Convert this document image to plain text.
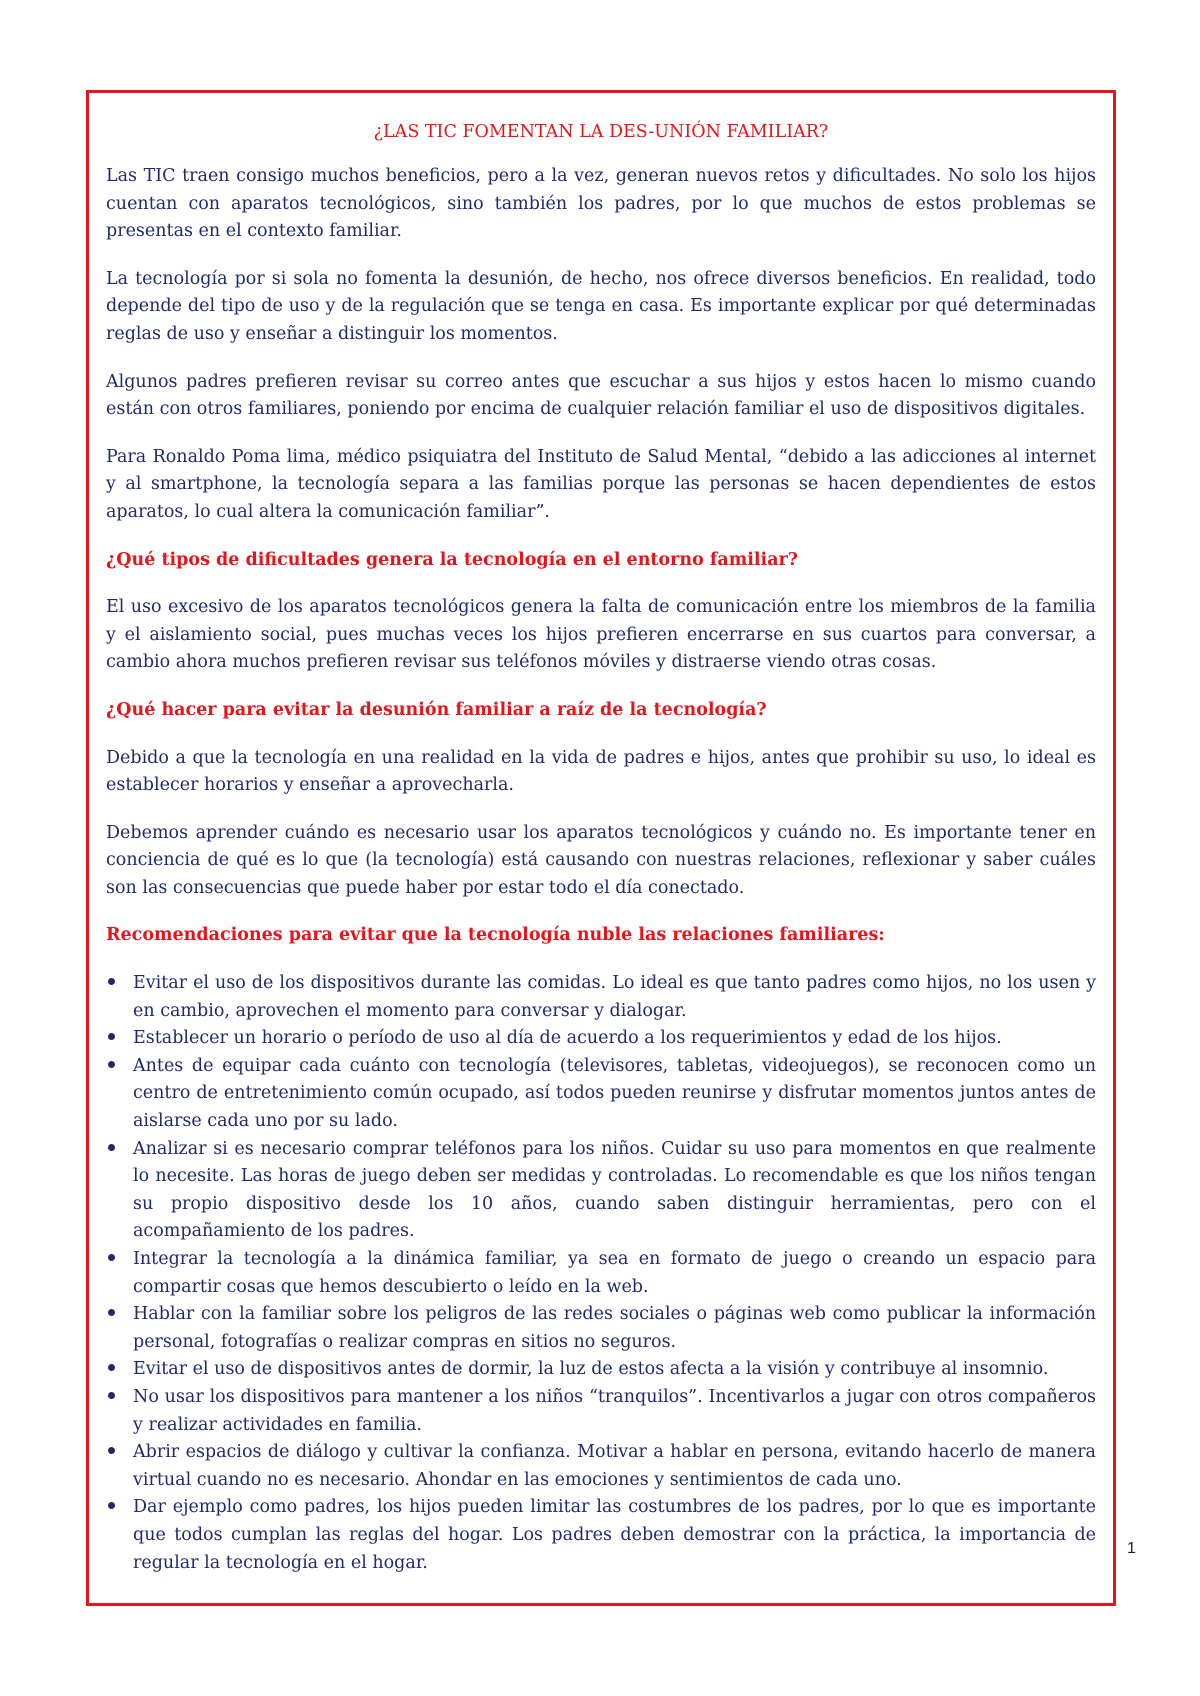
¿LAS TIC FOMENTAN LA DES-UNIÓN FAMILIAR?

Las TIC traen consigo muchos beneficios, pero a la vez, generan nuevos retos y dificultades. No solo los hijos cuentan con aparatos tecnológicos, sino también los padres, por lo que muchos de estos problemas se presentas en el contexto familiar.

La tecnología por si sola no fomenta la desunión, de hecho, nos ofrece diversos beneficios. En realidad, todo depende del tipo de uso y de la regulación que se tenga en casa. Es importante explicar por qué determinadas reglas de uso y enseñar a distinguir los momentos.

Algunos padres prefieren revisar su correo antes que escuchar a sus hijos y estos hacen lo mismo cuando están con otros familiares, poniendo por encima de cualquier relación familiar el uso de dispositivos digitales.

Para Ronaldo Poma lima, médico psiquiatra del Instituto de Salud Mental, “debido a las adicciones al internet y al smartphone, la tecnología separa a las familias porque las personas se hacen dependientes de estos aparatos, lo cual altera la comunicación familiar”.

¿Qué tipos de dificultades genera la tecnología en el entorno familiar?

El uso excesivo de los aparatos tecnológicos genera la falta de comunicación entre los miembros de la familia y el aislamiento social, pues muchas veces los hijos prefieren encerrarse en sus cuartos para conversar, a cambio ahora muchos prefieren revisar sus teléfonos móviles y distraerse viendo otras cosas.

¿Qué hacer para evitar la desunión familiar a raíz de la tecnología?

Debido a que la tecnología en una realidad en la vida de padres e hijos, antes que prohibir su uso, lo ideal es establecer horarios y enseñar a aprovecharla.

Debemos aprender cuándo es necesario usar los aparatos tecnológicos y cuándo no. Es importante tener en conciencia de qué es lo que (la tecnología) está causando con nuestras relaciones, reflexionar y saber cuáles son las consecuencias que puede haber por estar todo el día conectado.

Recomendaciones para evitar que la tecnología nuble las relaciones familiares:
Evitar el uso de los dispositivos durante las comidas. Lo ideal es que tanto padres como hijos, no los usen y en cambio, aprovechen el momento para conversar y dialogar.
Establecer un horario o período de uso al día de acuerdo a los requerimientos y edad de los hijos.
Antes de equipar cada cuánto con tecnología (televisores, tabletas, videojuegos), se reconocen como un centro de entretenimiento común ocupado, así todos pueden reunirse y disfrutar momentos juntos antes de aislarse cada uno por su lado.
Analizar si es necesario comprar teléfonos para los niños. Cuidar su uso para momentos en que realmente lo necesite. Las horas de juego deben ser medidas y controladas. Lo recomendable es que los niños tengan su propio dispositivo desde los 10 años, cuando saben distinguir herramientas, pero con el acompañamiento de los padres.
Integrar la tecnología a la dinámica familiar, ya sea en formato de juego o creando un espacio para compartir cosas que hemos descubierto o leído en la web.
Hablar con la familiar sobre los peligros de las redes sociales o páginas web como publicar la información personal, fotografías o realizar compras en sitios no seguros.
Evitar el uso de dispositivos antes de dormir, la luz de estos afecta a la visión y contribuye al insomnio.
No usar los dispositivos para mantener a los niños “tranquilos”. Incentivarlos a jugar con otros compañeros y realizar actividades en familia.
Abrir espacios de diálogo y cultivar la confianza. Motivar a hablar en persona, evitando hacerlo de manera virtual cuando no es necesario. Ahondar en las emociones y sentimientos de cada uno.
Dar ejemplo como padres, los hijos pueden limitar las costumbres de los padres, por lo que es importante que todos cumplan las reglas del hogar. Los padres deben demostrar con la práctica, la importancia de regular la tecnología en el hogar.
1
